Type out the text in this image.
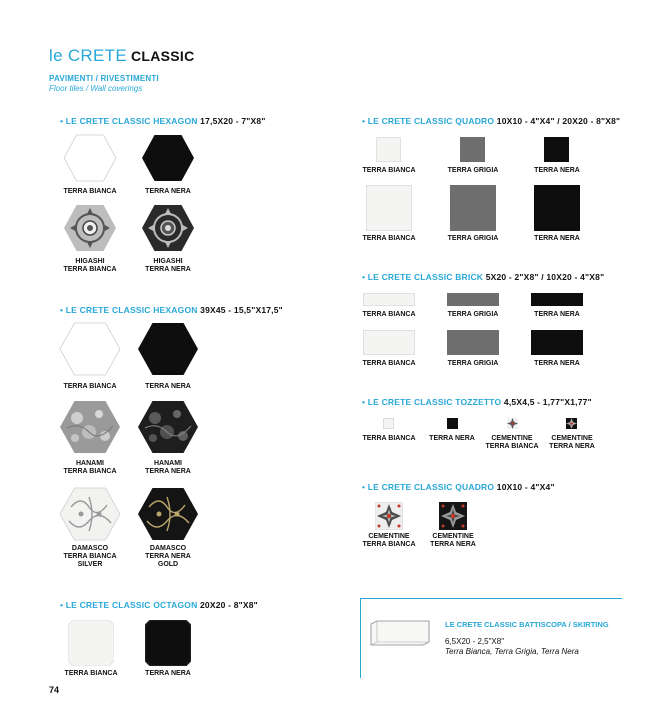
le CRETE CLASSIC
PAVIMENTI / RIVESTIMENTI
Floor tiles / Wall coverings
• LE CRETE CLASSIC HEXAGON 17,5X20 - 7"X8"
• LE CRETE CLASSIC HEXAGON 39X45 - 15,5"X17,5"
• LE CRETE CLASSIC OCTAGON 20X20 - 8"X8"
• LE CRETE CLASSIC QUADRO 10X10 - 4"X4" / 20X20 - 8"X8"
• LE CRETE CLASSIC BRICK 5X20 - 2"X8" / 10X20 - 4"X8"
• LE CRETE CLASSIC TOZZETTO 4,5X4,5 - 1,77"X1,77"
• LE CRETE CLASSIC QUADRO 10X10 - 4"X4"
TERRA BIANCA	TERRA NERA
HIGASHI
TERRA BIANCA
HIGASHI
TERRA NERA
TERRA BIANCA	TERRA NERA
HANAMI
TERRA BIANCA
HANAMI
TERRA NERA
DAMASCO
TERRA BIANCA
SILVER
DAMASCO
TERRA NERA
GOLD
TERRA BIANCA	TERRA NERA
TERRA BIANCA	TERRA GRIGIA	TERRA NERA
TERRA BIANCA	TERRA GRIGIA	TERRA NERA
TERRA BIANCA	TERRA GRIGIA	TERRA NERA
TERRA BIANCA	TERRA GRIGIA	TERRA NERA
TERRA BIANCA TERRA NERA	CEMENTINE
TERRA BIANCA
CEMENTINE
TERRA NERA
CEMENTINE
TERRA BIANCA
CEMENTINE
TERRA NERA
LE CRETE CLASSIC BATTISCOPA / SKIRTING
6,5X20 - 2,5"X8"
Terra Bianca, Terra Grigia, Terra Nera
74
